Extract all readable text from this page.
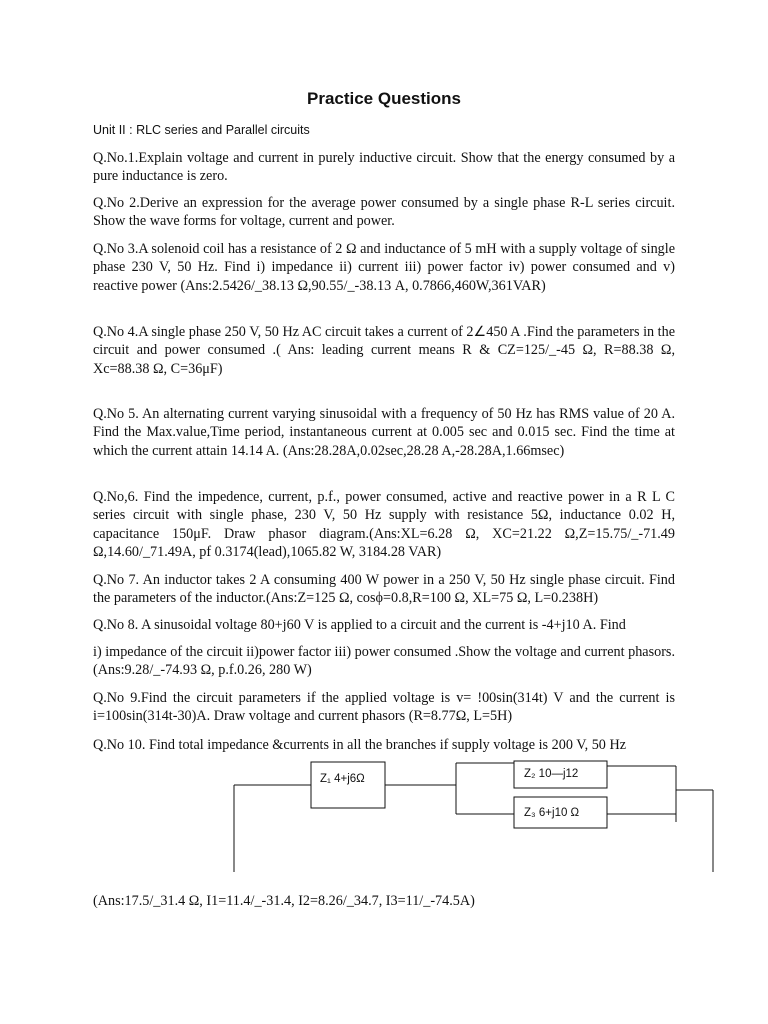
Practice Questions
Unit II : RLC series and Parallel circuits

Q.No.1.Explain voltage and current in purely inductive circuit. Show that the energy consumed by a pure inductance is zero.

Q.No 2.Derive an expression for the average power consumed by a single phase R-L series circuit. Show the wave forms for voltage, current and power.

Q.No 3.A solenoid coil has a resistance of 2 Ω and inductance of 5 mH with a supply voltage of single phase 230 V, 50 Hz. Find i) impedance ii) current iii) power factor iv) power consumed and v) reactive power (Ans:2.5426/_38.13 Ω,90.55/_-38.13 A, 0.7866,460W,361VAR)

Q.No 4.A single phase 250 V, 50 Hz AC circuit takes a current of 2∠450 A .Find the parameters in the circuit and power consumed .( Ans: leading current means R & CZ=125/_-45 Ω, R=88.38 Ω, Xc=88.38 Ω, C=36μF)

Q.No 5. An alternating current varying sinusoidal with a frequency of 50 Hz has RMS value of 20 A. Find the Max.value,Time period, instantaneous current at 0.005 sec and 0.015 sec. Find the time at which the current attain 14.14 A. (Ans:28.28A,0.02sec,28.28 A,-28.28A,1.66msec)

Q.No,6. Find the impedence, current, p.f., power consumed, active and reactive power in a R L C series circuit with single phase, 230 V, 50 Hz supply with resistance 5Ω, inductance 0.02 H, capacitance 150μF. Draw phasor diagram.(Ans:XL=6.28 Ω, XC=21.22 Ω,Z=15.75/_-71.49 Ω,14.60/_71.49A, pf 0.3174(lead),1065.82 W, 3184.28 VAR)

Q.No 7. An inductor takes 2 A consuming 400 W power in a 250 V, 50 Hz single phase circuit. Find the parameters of the inductor.(Ans:Z=125 Ω, cosϕ=0.8,R=100 Ω, XL=75 Ω, L=0.238H)

Q.No 8. A sinusoidal voltage 80+j60 V is applied to a circuit and the current is -4+j10 A. Find

i) impedance of the circuit ii)power factor iii) power consumed .Show the voltage and current phasors.(Ans:9.28/_-74.93 Ω, p.f.0.26, 280 W)

Q.No 9.Find the circuit parameters if the applied voltage is v= !00sin(314t) V and the current is i=100sin(314t-30)A. Draw voltage and current phasors (R=8.77Ω, L=5H)

Q.No 10. Find total impedance &currents in all the branches if supply voltage is 200 V, 50 Hz

Z₁ 4+j6Ω	Z₂ 10—j12
Z₃ 6+j10 Ω

(Ans:17.5/_31.4 Ω, I1=11.4/_-31.4, I2=8.26/_34.7, I3=11/_-74.5A)
